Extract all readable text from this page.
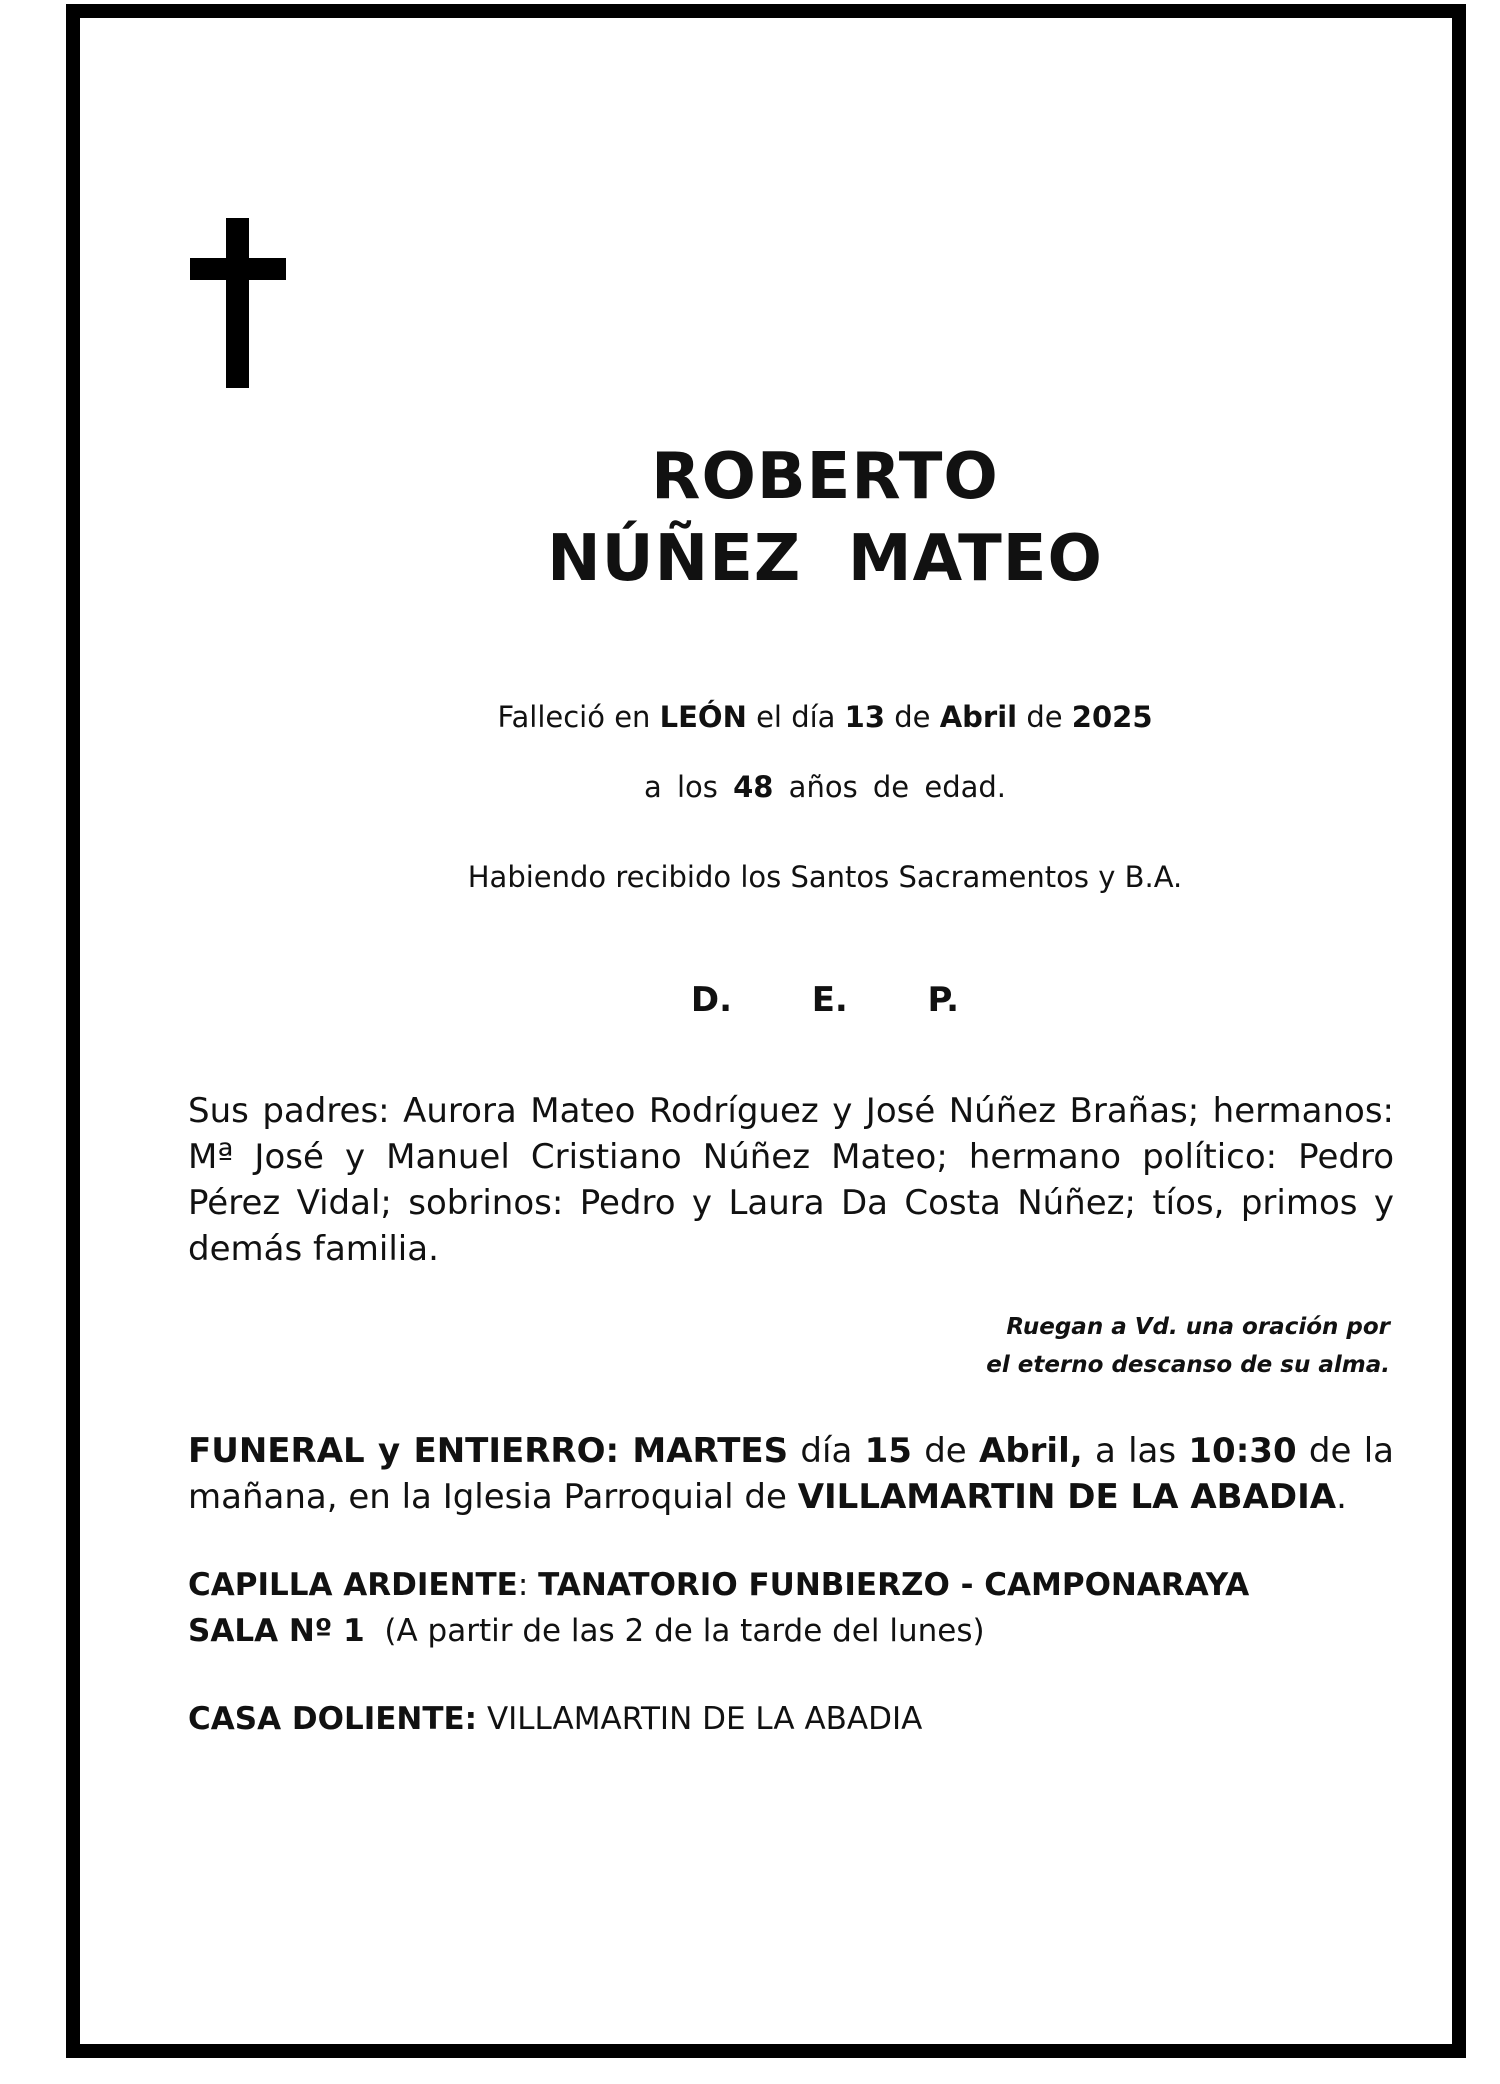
ROBERTO
NÚÑEZ  MATEO
Falleció en LEÓN el día 13 de Abril de 2025
a los 48 años de edad.
Habiendo recibido los Santos Sacramentos y B.A.
D.  E.  P.
Sus padres: Aurora Mateo Rodríguez y José Núñez Brañas; hermanos: Mª José y Manuel Cristiano Núñez Mateo; hermano político: Pedro Pérez Vidal; sobrinos: Pedro y Laura Da Costa Núñez; tíos, primos y demás familia.
Ruegan a Vd. una oración por
el eterno descanso de su alma.
FUNERAL y ENTIERRO: MARTES día 15 de Abril, a las 10:30 de la mañana, en la Iglesia Parroquial de VILLAMARTIN DE LA ABADIA.
CAPILLA ARDIENTE: TANATORIO FUNBIERZO - CAMPONARAYA
SALA Nº 1 (A partir de las 2 de la tarde del lunes)
CASA DOLIENTE: VILLAMARTIN DE LA ABADIA
